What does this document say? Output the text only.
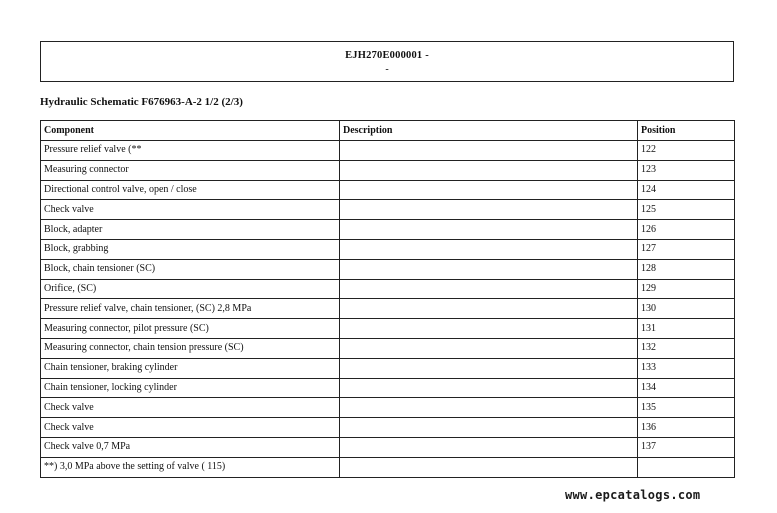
EJH270E000001 -
-
Hydraulic Schematic F676963-A-2 1/2 (2/3)
Component	Description	Position
Pressure relief valve (**		122
Measuring connector		123
Directional control valve, open / close		124
Check valve		125
Block, adapter		126
Block, grabbing		127
Block, chain tensioner (SC)		128
Orifice, (SC)		129
Pressure relief valve, chain tensioner, (SC) 2,8 MPa		130
Measuring connector, pilot pressure (SC)		131
Measuring connector, chain tension pressure (SC)		132
Chain tensioner, braking cylinder		133
Chain tensioner, locking cylinder		134
Check valve		135
Check valve		136
Check valve 0,7 MPa		137
**) 3,0 MPa above the setting of valve ( 115)		
www.epcatalogs.com
